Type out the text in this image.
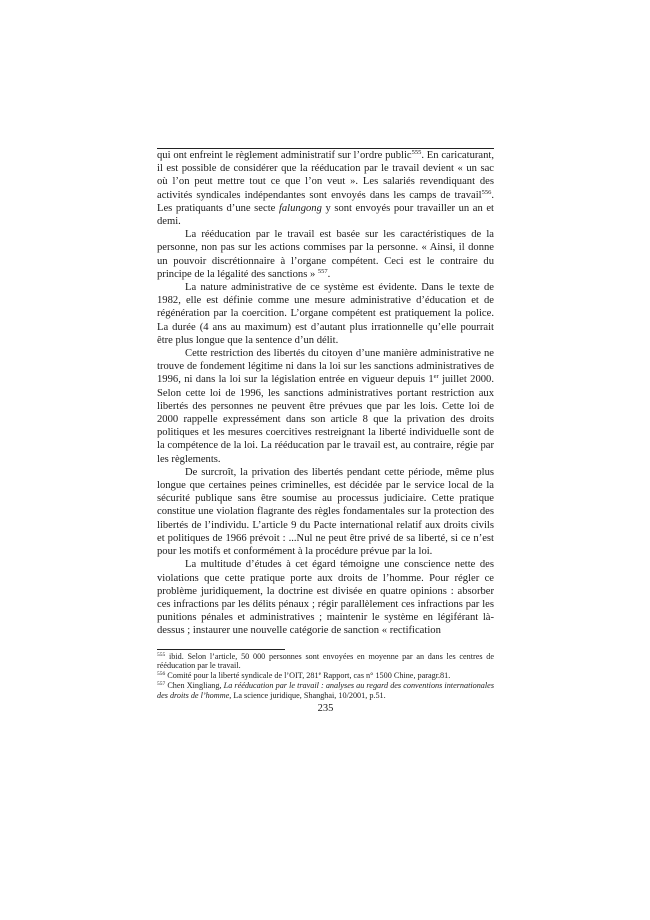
qui ont enfreint le règlement administratif sur l’ordre public$^{555}$. En caricaturant, il est possible de considérer que la rééducation par le travail devient « un sac où l’on peut mettre tout ce que l’on veut ». Les salariés revendiquant des activités syndicales indépendantes sont envoyés dans les camps de travail$^{556}$. Les pratiquants d’une secte falungong y sont envoyés pour travailler un an et demi.

La rééducation par le travail est basée sur les caractéristiques de la personne, non pas sur les actions commises par la personne. « Ainsi, il donne un pouvoir discrétionnaire à l’organe compétent. Ceci est le contraire du principe de la légalité des sanctions » $^{557}$.

La nature administrative de ce système est évidente. Dans le texte de 1982, elle est définie comme une mesure administrative d’éducation et de régénération par la coercition. L’organe compétent est pratiquement la police. La durée (4 ans au maximum) est d’autant plus irrationnelle qu’elle pourrait être plus longue que la sentence d’un délit.

Cette restriction des libertés du citoyen d’une manière administrative ne trouve de fondement légitime ni dans la loi sur les sanctions administratives de 1996, ni dans la loi sur la législation entrée en vigueur depuis 1er juillet 2000. Selon cette loi de 1996, les sanctions administratives portant restriction aux libertés des personnes ne peuvent être prévues que par les lois. Cette loi de 2000 rappelle expressément dans son article 8 que la privation des droits politiques et les mesures coercitives restreignant la liberté individuelle sont de la compétence de la loi. La rééducation par le travail est, au contraire, régie par les règlements.

De surcroît, la privation des libertés pendant cette période, même plus longue que certaines peines criminelles, est décidée par le service local de la sécurité publique sans être soumise au processus judiciaire. Cette pratique constitue une violation flagrante des règles fondamentales sur la protection des libertés de l’individu. L’article 9 du Pacte international relatif aux droits civils et politiques de 1966 prévoit : ...Nul ne peut être privé de sa liberté, si ce n’est pour les motifs et conformément à la procédure prévue par la loi.

La multitude d’études à cet égard témoigne une conscience nette des violations que cette pratique porte aux droits de l’homme. Pour régler ce problème juridiquement, la doctrine est divisée en quatre opinions : absorber ces infractions par les délits pénaux ; régir parallèlement ces infractions par les punitions pénales et administratives ; maintenir le système en légiférant là-dessus ; instaurer une nouvelle catégorie de sanction « rectification

$^{555}$ ibid. Selon l’article, 50 000 personnes sont envoyées en moyenne par an dans les centres de rééducation par le travail.

$^{556}$ Comité pour la liberté syndicale de l’OIT, 281e Rapport, cas n° 1500 Chine, paragr.81.

$^{557}$ Chen Xingliang, La rééducation par le travail : analyses au regard des conventions internationales des droits de l’homme, La science juridique, Shanghai, 10/2001, p.51.

235
